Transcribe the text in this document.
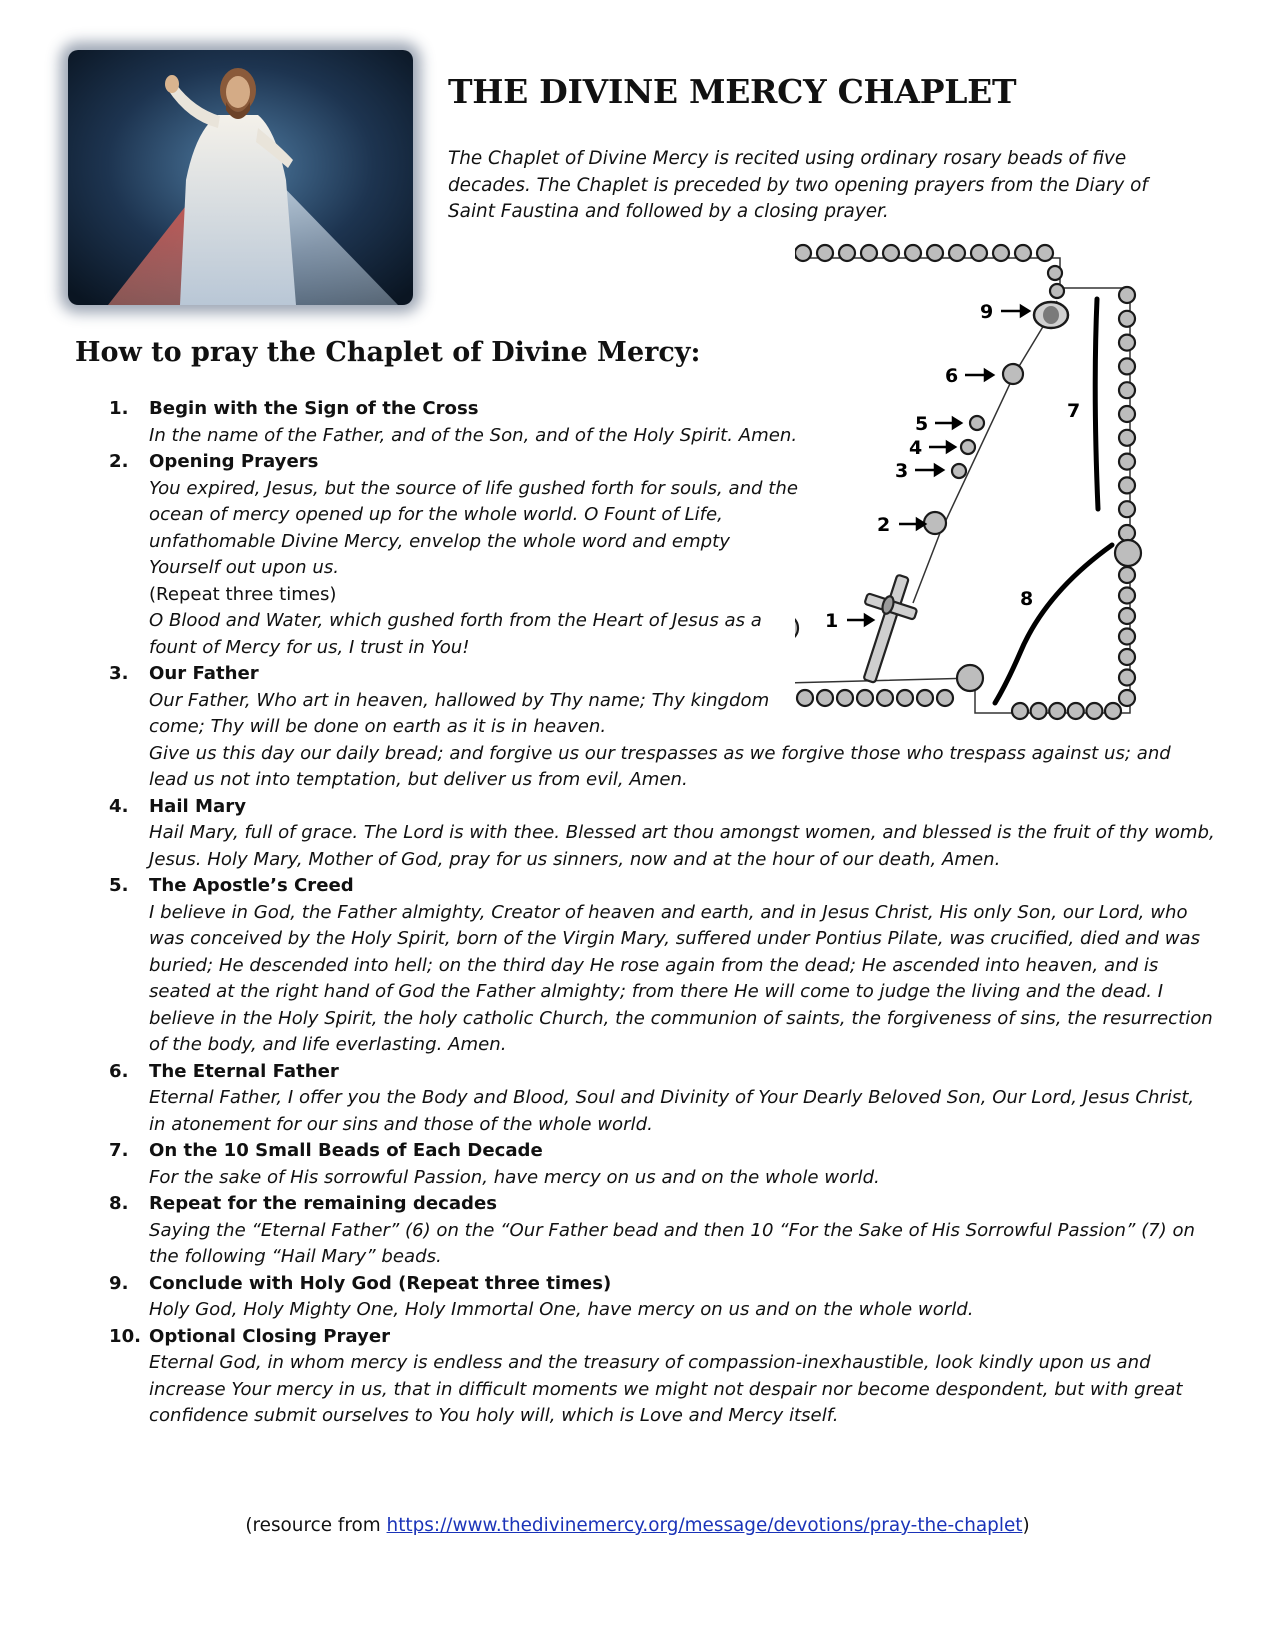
THE DIVINE MERCY CHAPLET

The Chaplet of Divine Mercy is recited using ordinary rosary beads of five decades. The Chaplet is preceded by two opening prayers from the Diary of Saint Faustina and followed by a closing prayer.

How to pray the Chaplet of Divine Mercy:
1
2
3
4
5
6
7
8
9
1. Begin with the Sign of the Cross
In the name of the Father, and of the Son, and of the Holy Spirit. Amen.
2. Opening Prayers
You expired, Jesus, but the source of life gushed forth for souls, and the ocean of mercy opened up for the whole world. O Fount of Life, unfathomable Divine Mercy, envelop the whole word and empty Yourself out upon us.
(Repeat three times)
O Blood and Water, which gushed forth from the Heart of Jesus as a fount of Mercy for us, I trust in You!
3. Our Father
Our Father, Who art in heaven, hallowed by Thy name; Thy kingdom come; Thy will be done on earth as it is in heaven.
Give us this day our daily bread; and forgive us our trespasses as we forgive those who trespass against us; and lead us not into temptation, but deliver us from evil, Amen.
4. Hail Mary
Hail Mary, full of grace. The Lord is with thee. Blessed art thou amongst women, and blessed is the fruit of thy womb, Jesus. Holy Mary, Mother of God, pray for us sinners, now and at the hour of our death, Amen.
5. The Apostle’s Creed
I believe in God, the Father almighty, Creator of heaven and earth, and in Jesus Christ, His only Son, our Lord, who was conceived by the Holy Spirit, born of the Virgin Mary, suffered under Pontius Pilate, was crucified, died and was buried; He descended into hell; on the third day He rose again from the dead; He ascended into heaven, and is seated at the right hand of God the Father almighty; from there He will come to judge the living and the dead. I believe in the Holy Spirit, the holy catholic Church, the communion of saints, the forgiveness of sins, the resurrection of the body, and life everlasting. Amen.
6. The Eternal Father
Eternal Father, I offer you the Body and Blood, Soul and Divinity of Your Dearly Beloved Son, Our Lord, Jesus Christ, in atonement for our sins and those of the whole world.
7. On the 10 Small Beads of Each Decade
For the sake of His sorrowful Passion, have mercy on us and on the whole world.
8. Repeat for the remaining decades
Saying the “Eternal Father” (6) on the “Our Father bead and then 10 “For the Sake of His Sorrowful Passion” (7) on the following “Hail Mary” beads.
9. Conclude with Holy God (Repeat three times)
Holy God, Holy Mighty One, Holy Immortal One, have mercy on us and on the whole world.
10. Optional Closing Prayer
Eternal God, in whom mercy is endless and the treasury of compassion-inexhaustible, look kindly upon us and increase Your mercy in us, that in difficult moments we might not despair nor become despondent, but with great confidence submit ourselves to You holy will, which is Love and Mercy itself.
(resource from https://www.thedivinemercy.org/message/devotions/pray-the-chaplet)
